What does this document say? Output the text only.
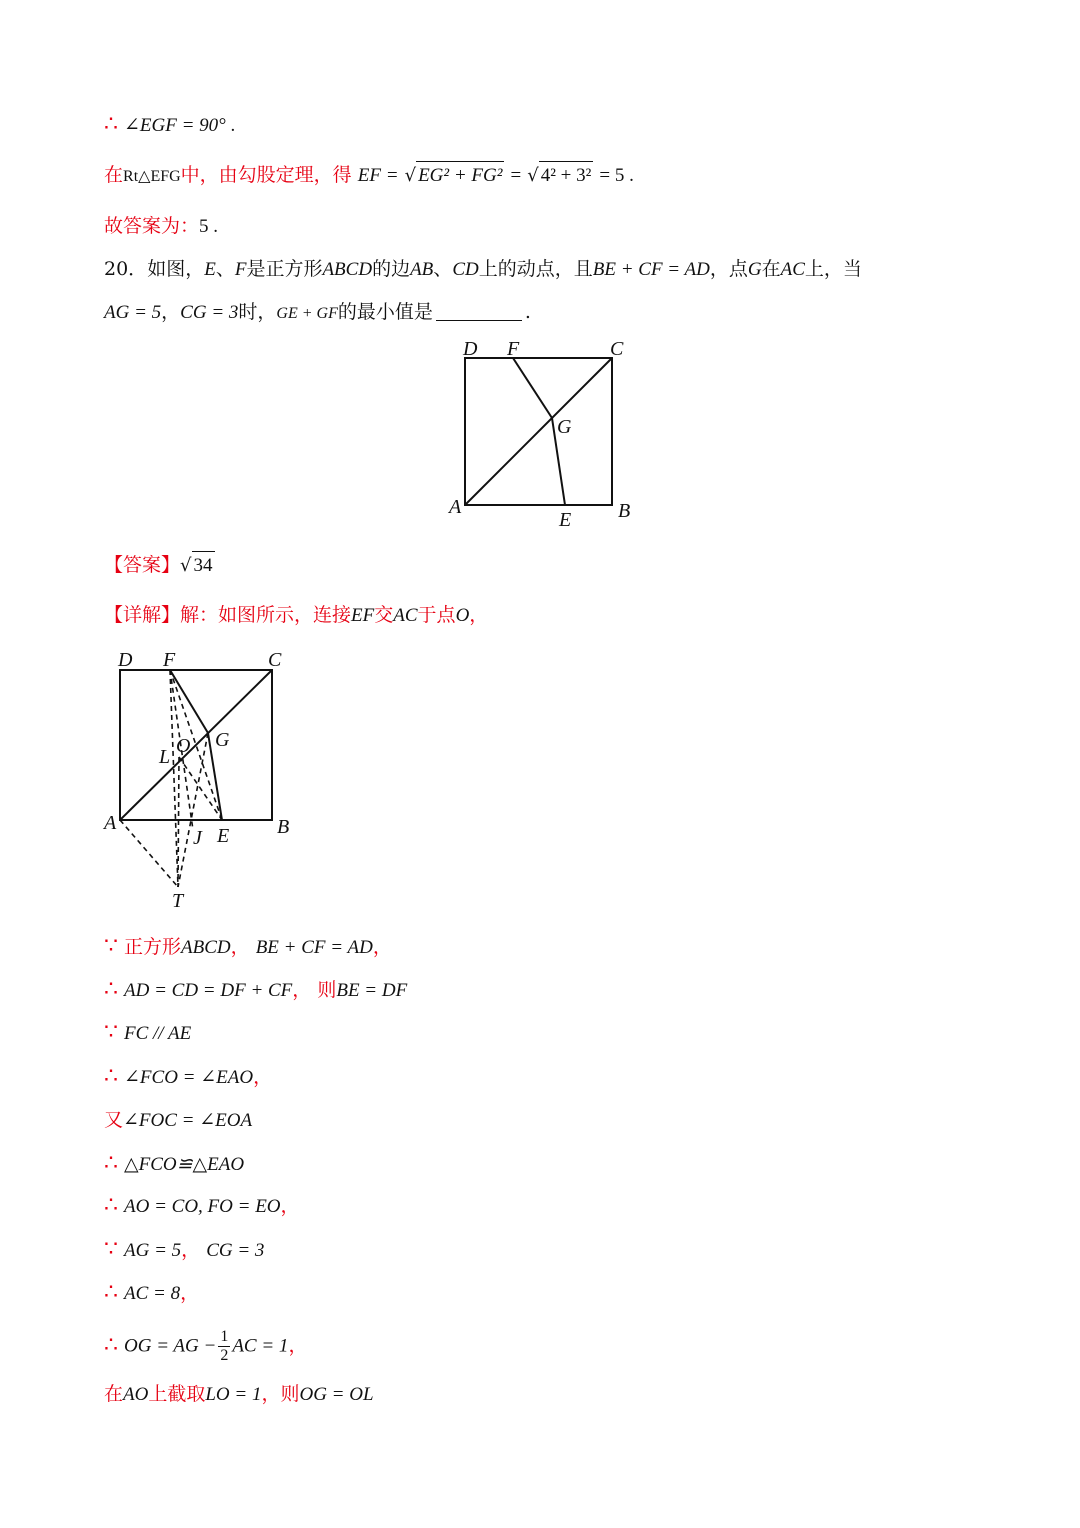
∴ ∠EGF = 90° .
在Rt△EFG中，由勾股定理，得 EF = √ EG² + FG² = √ 4² + 3² = 5 .
故答案为：5 .
20．如图，E、F是正方形ABCD的边AB、CD上的动点，且BE + CF = AD，点G在AC上，当
AG = 5，CG = 3时，GE + GF的最小值是	.
D F	C
G
A
E B
【答案】√ 34
【详解】解：如图所示，连接EF交AC于点O，
D F	C
G
O
L
A
J E B
T
∵ 正方形ABCD， BE + CF = AD，
∴ AD = CD = DF + CF， 则BE = DF
∵ FC // AE
∴ ∠FCO = ∠EAO，
又∠FOC = ∠EOA
∴ △FCO≌△EAO
∴ AO = CO, FO = EO，
∵ AG = 5， CG = 3
∴ AC = 8，
∴ OG = AG − $\frac{1}{2}$ AC = 1，
在AO上截取LO = 1，则OG = OL
